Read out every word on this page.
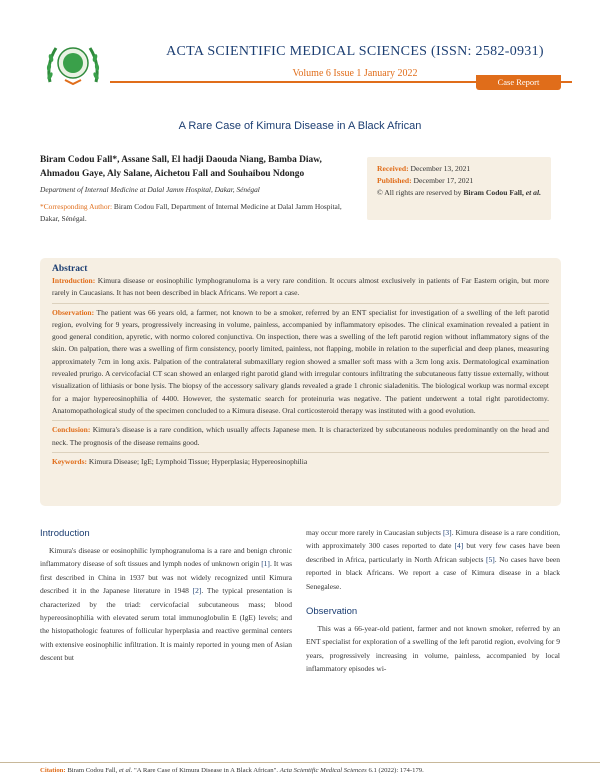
ACTA SCIENTIFIC MEDICAL SCIENCES (ISSN: 2582-0931)
Volume 6 Issue 1 January 2022
Case Report
A Rare Case of Kimura Disease in A Black African
Biram Codou Fall*, Assane Sall, El hadji Daouda Niang, Bamba Diaw, Ahmadou Gaye, Aly Salane, Aichetou Fall and Souhaibou Ndongo
Department of Internal Medicine at Dalal Jamm Hospital, Dakar, Sénégal
*Corresponding Author: Biram Codou Fall, Department of Internal Medicine at Dalal Jamm Hospital, Dakar, Sénégal.
Received: December 13, 2021
Published: December 17, 2021
© All rights are reserved by Biram Codou Fall, et al.
Abstract
Introduction: Kimura disease or eosinophilic lymphogranuloma is a very rare condition. It occurs almost exclusively in patients of Far Eastern origin, but more rarely in Caucasians. It has not been described in black Africans. We report a case.
Observation: The patient was 66 years old, a farmer, not known to be a smoker, referred by an ENT specialist for investigation of a swelling of the left parotid region, evolving for 9 years, progressively increasing in volume, painless, accompanied by inflammatory episodes. The clinical examination revealed a patient in good general condition, apyretic, with normo colored conjunctiva. On inspection, there was a swelling of the left parotid region without inflammatory signs of the skin. On palpation, there was a swelling of firm consistency, poorly limited, painless, not flapping, mobile in relation to the superficial and deep planes, measuring approximately 7cm in long axis. Palpation of the contralateral submaxillary region showed a smaller soft mass with a 3cm long axis. Dermatological examination revealed prurigo. A cervicofacial CT scan showed an enlarged right parotid gland with irregular contours infiltrating the subcutaneous fatty tissue externally, without visualization of lithiasis or bone lysis. The biopsy of the accessory salivary glands revealed a grade 1 chronic sialadenitis. The biological workup was normal except for a major hypereosinophilia of 4400. However, the systematic search for proteinuria was negative. The patient underwent a total right parotidectomy. Anatomopathological study of the specimen concluded to a Kimura disease. Oral corticosteroid therapy was instituted with a good evolution.
Conclusion: Kimura's disease is a rare condition, which usually affects Japanese men. It is characterized by subcutaneous nodules predominantly on the head and neck. The prognosis of the disease remains good.
Keywords: Kimura Disease; IgE; Lymphoid Tissue; Hyperplasia; Hypereosinophilia
Introduction
Kimura's disease or eosinophilic lymphogranuloma is a rare and benign chronic inflammatory disease of soft tissues and lymph nodes of unknown origin [1]. It was first described in China in 1937 but was not widely recognized until Kimura described it in the Japanese literature in 1948 [2]. The typical presentation is characterized by the triad: cervicofacial subcutaneous mass; blood hypereosinophilia with elevated serum total immunoglobulin E (IgE) levels; and the histopathologic features of follicular hyperplasia and reactive germinal centers with extensive eosinophilic infiltration. It is mainly reported in young men of Asian descent but
may occur more rarely in Caucasian subjects [3]. Kimura disease is a rare condition, with approximately 300 cases reported to date [4] but very few cases have been described in Africa, particularly in North African subjects [5]. No cases have been reported in black Africans. We report a case of Kimura disease in a black Senegalese.
Observation
This was a 66-year-old patient, farmer and not known smoker, referred by an ENT specialist for exploration of a swelling of the left parotid region, evolving for 9 years, progressively increasing in volume, painless, accompanied by local inflammatory episodes wi-
Citation: Biram Codou Fall, et al. "A Rare Case of Kimura Disease in A Black African". Acta Scientific Medical Sciences 6.1 (2022): 174-179.
